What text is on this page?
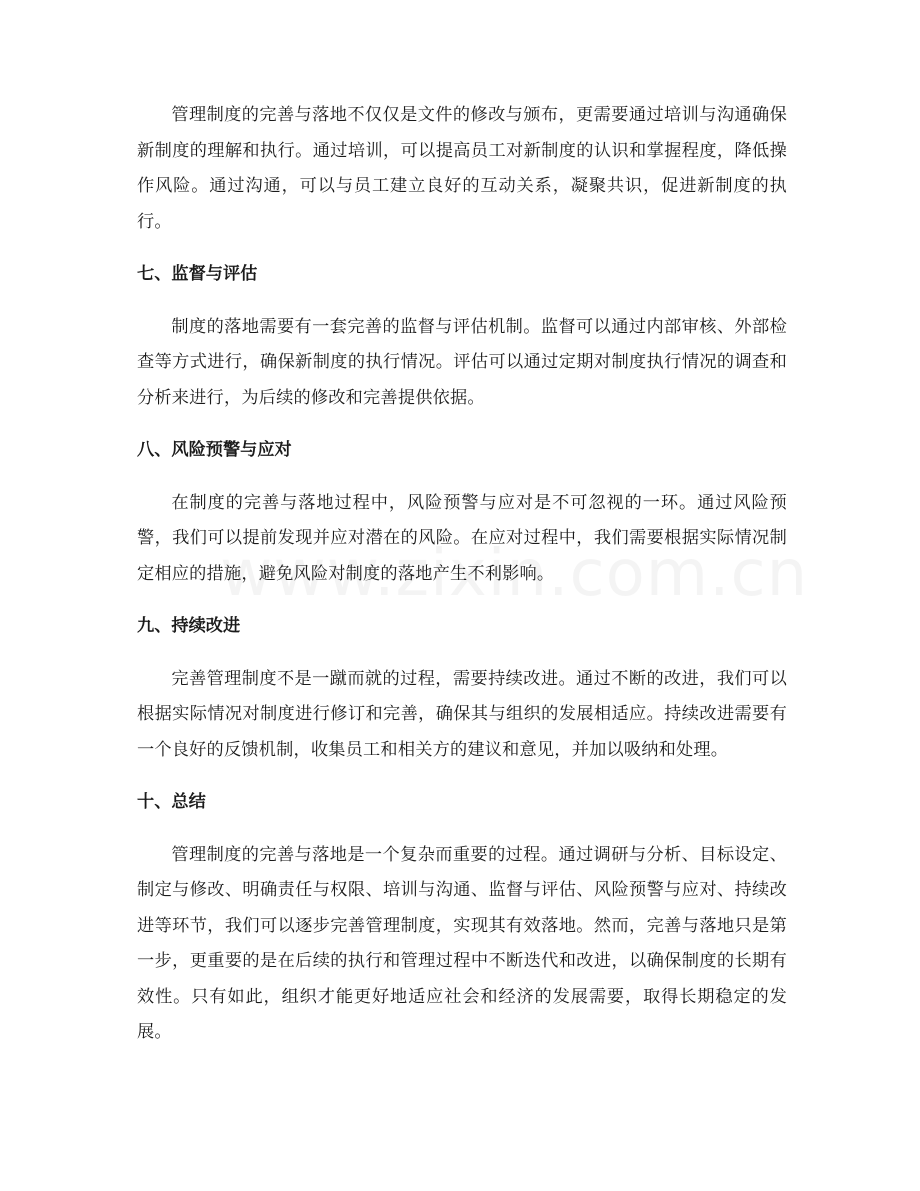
管理制度的完善与落地不仅仅是文件的修改与颁布，更需要通过培训与沟通确保新制度的理解和执行。通过培训，可以提高员工对新制度的认识和掌握程度，降低操作风险。通过沟通，可以与员工建立良好的互动关系，凝聚共识，促进新制度的执行。

七、监督与评估

制度的落地需要有一套完善的监督与评估机制。监督可以通过内部审核、外部检查等方式进行，确保新制度的执行情况。评估可以通过定期对制度执行情况的调查和分析来进行，为后续的修改和完善提供依据。

八、风险预警与应对

在制度的完善与落地过程中，风险预警与应对是不可忽视的一环。通过风险预警，我们可以提前发现并应对潜在的风险。在应对过程中，我们需要根据实际情况制定相应的措施，避免风险对制度的落地产生不利影响。

九、持续改进

完善管理制度不是一蹴而就的过程，需要持续改进。通过不断的改进，我们可以根据实际情况对制度进行修订和完善，确保其与组织的发展相适应。持续改进需要有一个良好的反馈机制，收集员工和相关方的建议和意见，并加以吸纳和处理。

十、总结

管理制度的完善与落地是一个复杂而重要的过程。通过调研与分析、目标设定、制定与修改、明确责任与权限、培训与沟通、监督与评估、风险预警与应对、持续改进等环节，我们可以逐步完善管理制度，实现其有效落地。然而，完善与落地只是第一步，更重要的是在后续的执行和管理过程中不断迭代和改进，以确保制度的长期有效性。只有如此，组织才能更好地适应社会和经济的发展需要，取得长期稳定的发展。
